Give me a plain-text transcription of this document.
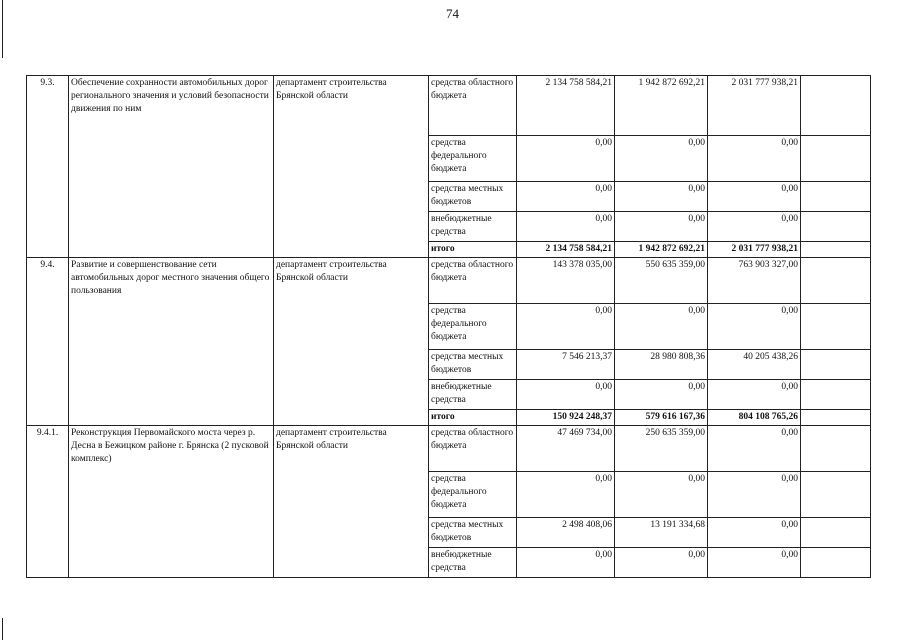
74
9.3.	Обеспечение сохранности автомобильных дорог регионального значения и условий безопасности движения по ним	департамент строительства Брянской области	средства областного бюджета	2 134 758 584,21	1 942 872 692,21	2 031 777 938,21	
			средства федерального бюджета	0,00	0,00	0,00	
			средства местных бюджетов	0,00	0,00	0,00	
			внебюджетные средства	0,00	0,00	0,00	
			итого	2 134 758 584,21	1 942 872 692,21	2 031 777 938,21	
9.4.	Развитие и совершенствование сети автомобильных дорог местного значения общего пользования	департамент строительства Брянской области	средства областного бюджета	143 378 035,00	550 635 359,00	763 903 327,00	
			средства федерального бюджета	0,00	0,00	0,00	
			средства местных бюджетов	7 546 213,37	28 980 808,36	40 205 438,26	
			внебюджетные средства	0,00	0,00	0,00	
			итого	150 924 248,37	579 616 167,36	804 108 765,26	
9.4.1.	Реконструкция Первомайского моста через р. Десна в Бежицком районе г. Брянска (2 пусковой комплекс)	департамент строительства Брянской области	средства областного бюджета	47 469 734,00	250 635 359,00	0,00	
			средства федерального бюджета	0,00	0,00	0,00	
			средства местных бюджетов	2 498 408,06	13 191 334,68	0,00	
			внебюджетные средства	0,00	0,00	0,00	
